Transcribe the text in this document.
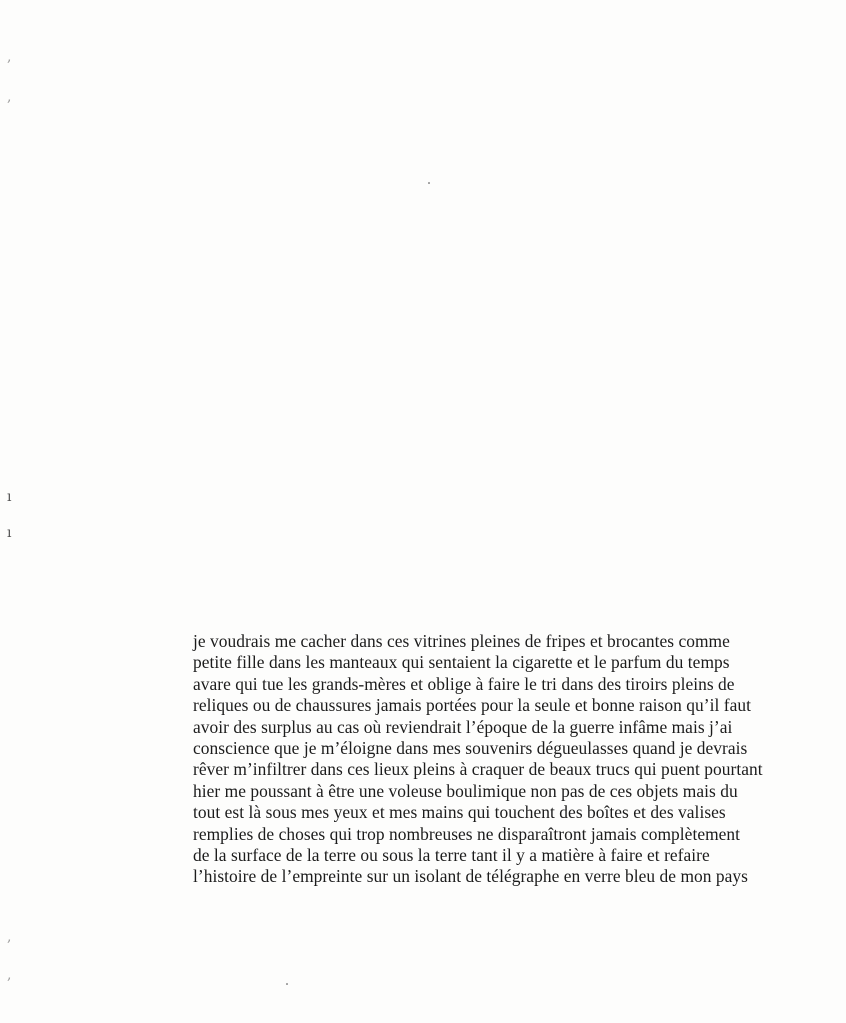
,
,
ı
ı
,
,
je voudrais me cacher dans ces vitrines pleines de fripes et brocantes comme
petite fille dans les manteaux qui sentaient la cigarette et le parfum du temps
avare qui tue les grands-mères et oblige à faire le tri dans des tiroirs pleins de
reliques ou de chaussures jamais portées pour la seule et bonne raison qu’il faut
avoir des surplus au cas où reviendrait l’époque de la guerre infâme mais j’ai
conscience que je m’éloigne dans mes souvenirs dégueulasses quand je devrais
rêver m’infiltrer dans ces lieux pleins à craquer de beaux trucs qui puent pourtant
hier me poussant à être une voleuse boulimique non pas de ces objets mais du
tout est là sous mes yeux et mes mains qui touchent des boîtes et des valises
remplies de choses qui trop nombreuses ne disparaîtront jamais complètement
de la surface de la terre ou sous la terre tant il y a matière à faire et refaire
l’histoire de l’empreinte sur un isolant de télégraphe en verre bleu de mon pays
